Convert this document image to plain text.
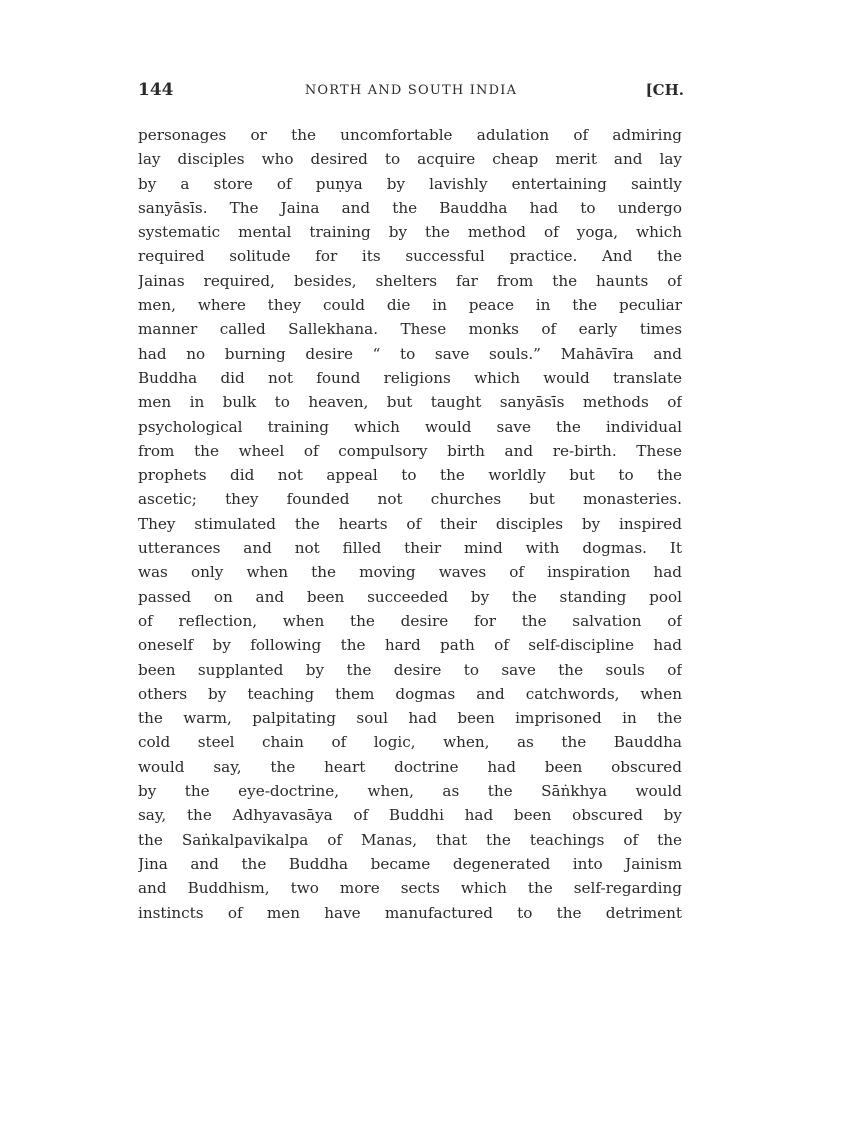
144	NORTH AND SOUTH INDIA	[CH.
personages or the uncomfortable adulation of admiring
lay disciples who desired to acquire cheap merit and lay
by a store of puṇya by lavishly entertaining saintly
sanyāsīs. The Jaina and the Bauddha had to undergo
systematic mental training by the method of yoga, which
required solitude for its successful practice. And the
Jainas required, besides, shelters far from the haunts of
men, where they could die in peace in the peculiar
manner called Sallekhana. These monks of early times
had no burning desire “ to save souls.” Mahāvīra and
Buddha did not found religions which would translate
men in bulk to heaven, but taught sanyāsīs methods of
psychological training which would save the individual
from the wheel of compulsory birth and re-birth. These
prophets did not appeal to the worldly but to the
ascetic; they founded not churches but monasteries.
They stimulated the hearts of their disciples by inspired
utterances and not filled their mind with dogmas. It
was only when the moving waves of inspiration had
passed on and been succeeded by the standing pool
of reflection, when the desire for the salvation of
oneself by following the hard path of self-discipline had
been supplanted by the desire to save the souls of
others by teaching them dogmas and catchwords, when
the warm, palpitating soul had been imprisoned in the
cold steel chain of logic, when, as the Bauddha
would say, the heart doctrine had been obscured
by the eye-doctrine, when, as the Sāṅkhya would
say, the Adhyavasāya of Buddhi had been obscured by
the Saṅkalpavikalpa of Manas, that the teachings of the
Jina and the Buddha became degenerated into Jainism
and Buddhism, two more sects which the self-regarding
instincts of men have manufactured to the detriment
